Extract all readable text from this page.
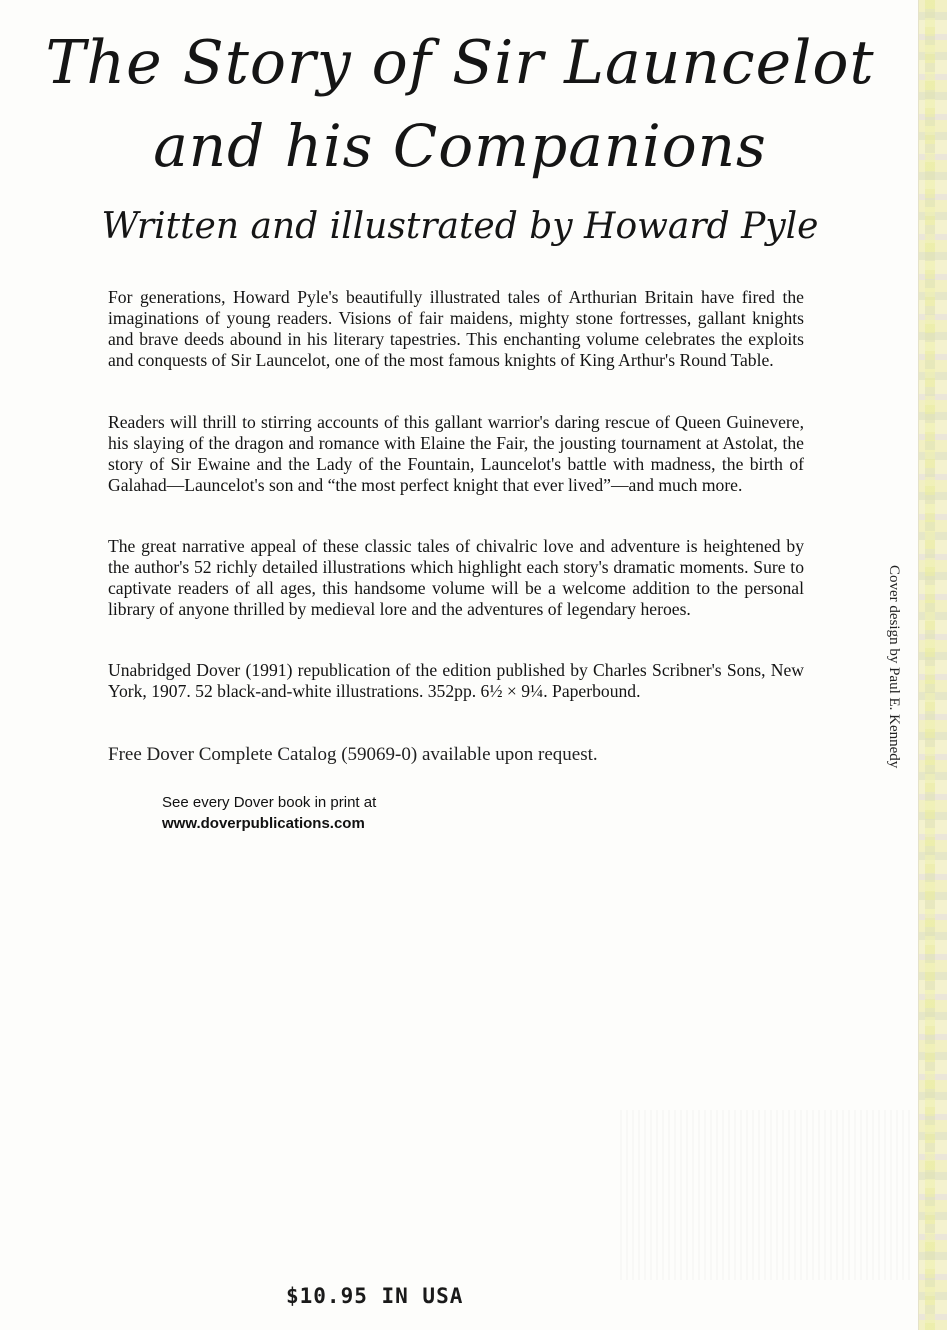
The Story of Sir Launcelot
and his Companions
Written and illustrated by Howard Pyle

For generations, Howard Pyle's beautifully illustrated tales of Arthurian Britain have fired the imaginations of young readers. Visions of fair maidens, mighty stone fortresses, gallant knights and brave deeds abound in his literary tapestries. This enchanting volume celebrates the exploits and conquests of Sir Launcelot, one of the most famous knights of King Arthur's Round Table.

Readers will thrill to stirring accounts of this gallant warrior's daring rescue of Queen Guinevere, his slaying of the dragon and romance with Elaine the Fair, the jousting tournament at Astolat, the story of Sir Ewaine and the Lady of the Fountain, Launcelot's battle with madness, the birth of Galahad—Launcelot's son and “the most perfect knight that ever lived”—and much more.

The great narrative appeal of these classic tales of chivalric love and adventure is heightened by the author's 52 richly detailed illustrations which highlight each story's dramatic moments. Sure to captivate readers of all ages, this handsome volume will be a welcome addition to the personal library of anyone thrilled by medieval lore and the adventures of legendary heroes.

Unabridged Dover (1991) republication of the edition published by Charles Scribner's Sons, New York, 1907. 52 black-and-white illustrations. 352pp. 6½ × 9¼. Paperbound.

Free Dover Complete Catalog (59069-0) available upon request.
See every Dover book in print at
www.doverpublications.com
Cover design by Paul E. Kennedy
$10.95 IN USA
